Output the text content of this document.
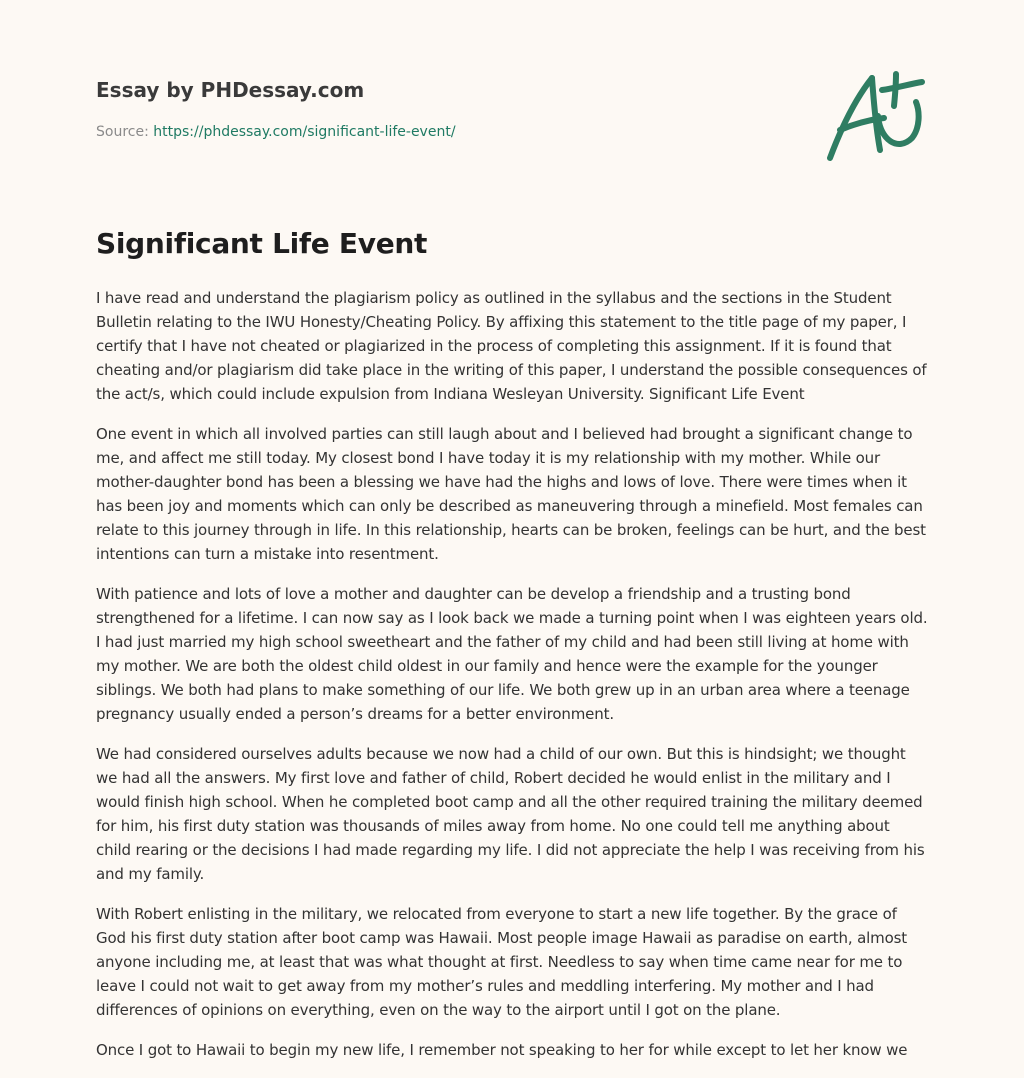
Essay by PHDessay.com
Source: https://phdessay.com/significant-life-event/
Significant Life Event

I have read and understand the plagiarism policy as outlined in the syllabus and the sections in the Student Bulletin relating to the IWU Honesty/Cheating Policy. By affixing this statement to the title page of my paper, I certify that I have not cheated or plagiarized in the process of completing this assignment. If it is found that cheating and/or plagiarism did take place in the writing of this paper, I understand the possible consequences of the act/s, which could include expulsion from Indiana Wesleyan University. Significant Life Event

One event in which all involved parties can still laugh about and I believed had brought a significant change to me, and affect me still today. My closest bond I have today it is my relationship with my mother. While our mother-daughter bond has been a blessing we have had the highs and lows of love. There were times when it has been joy and moments which can only be described as maneuvering through a minefield. Most females can relate to this journey through in life. In this relationship, hearts can be broken, feelings can be hurt, and the best intentions can turn a mistake into resentment.

With patience and lots of love a mother and daughter can be develop a friendship and a trusting bond strengthened for a lifetime. I can now say as I look back we made a turning point when I was eighteen years old. I had just married my high school sweetheart and the father of my child and had been still living at home with my mother. We are both the oldest child oldest in our family and hence were the example for the younger siblings. We both had plans to make something of our life. We both grew up in an urban area where a teenage pregnancy usually ended a person’s dreams for a better environment.

We had considered ourselves adults because we now had a child of our own. But this is hindsight; we thought we had all the answers. My first love and father of child, Robert decided he would enlist in the military and I would finish high school. When he completed boot camp and all the other required training the military deemed for him, his first duty station was thousands of miles away from home. No one could tell me anything about child rearing or the decisions I had made regarding my life. I did not appreciate the help I was receiving from his and my family.

With Robert enlisting in the military, we relocated from everyone to start a new life together. By the grace of God his first duty station after boot camp was Hawaii. Most people image Hawaii as paradise on earth, almost anyone including me, at least that was what thought at first. Needless to say when time came near for me to leave I could not wait to get away from my mother’s rules and meddling interfering. My mother and I had differences of opinions on everything, even on the way to the airport until I got on the plane.

Once I got to Hawaii to begin my new life, I remember not speaking to her for while except to let her know we
